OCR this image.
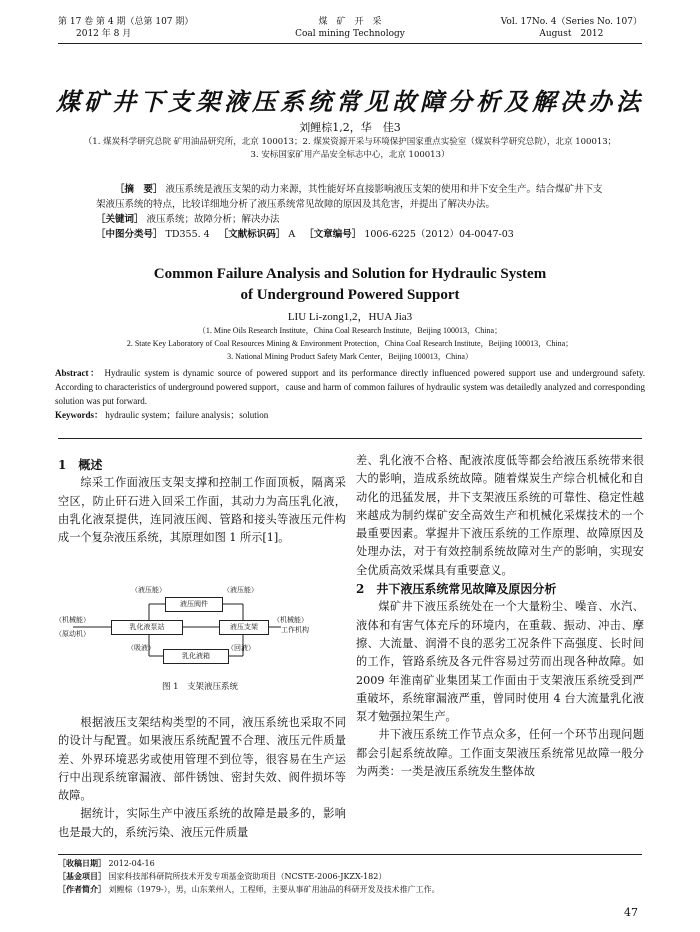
第 17 卷 第 4 期（总第 107 期）
2012 年 8 月
煤　矿　开　采
Coal mining Technology
Vol. 17No. 4（Series No. 107）
August　2012
煤矿井下支架液压系统常见故障分析及解决办法
刘鲤棕1,2，华　佳3
（1. 煤炭科学研究总院 矿用油品研究所，北京 100013；2. 煤炭资源开采与环境保护国家重点实验室（煤炭科学研究总院），北京 100013；
3. 安标国家矿用产品安全标志中心，北京 100013）
［摘　要］ 液压系统是液压支架的动力来源，其性能好坏直接影响液压支架的使用和井下安全生产。结合煤矿井下支架液压系统的特点，比较详细地分析了液压系统常见故障的原因及其危害，并提出了解决办法。
［关键词］ 液压系统；故障分析；解决办法
［中图分类号］ TD355. 4 ［文献标识码］ A ［文章编号］ 1006-6225（2012）04-0047-03
Common Failure Analysis and Solution for Hydraulic System
of Underground Powered Support
LIU Li-zong1,2，HUA Jia3
（1. Mine Oils Research Institute，China Coal Research Institute，Beijing 100013，China；
2. State Key Laboratory of Coal Resources Mining & Environment Protection，China Coal Research Institute，Beijing 100013，China；
3. National Mining Product Safety Mark Center，Beijing 100013，China）
Abstract： Hydraulic system is dynamic source of powered support and its performance directly influenced powered support use and underground safety. According to characteristics of underground powered support，cause and harm of common failures of hydraulic system was detailedly analyzed and corresponding solution was put forward.
Keywords： hydraulic system；failure analysis；solution

1　概述

综采工作面液压支架支撑和控制工作面顶板，隔离采空区，防止矸石进入回采工作面，其动力为高压乳化液，由乳化液泵提供，连同液压阀、管路和接头等液压元件构成一个复杂液压系统，其原理如图 1 所示[1]。

液压阀件
乳化液泵站	液压支架
乳化液箱
（液压能）	（液压能）
（机械能）
（原动机）
（机械能）
工作机构
（吸液）	（回液）
图 1　支架液压系统

根据液压支架结构类型的不同，液压系统也采取不同的设计与配置。如果液压系统配置不合理、液压元件质量差、外界环境恶劣或使用管理不到位等，很容易在生产运行中出现系统窜漏液、部件锈蚀、密封失效、阀件损坏等故障。

据统计，实际生产中液压系统的故障是最多的，影响也是最大的，系统污染、液压元件质量

差、乳化液不合格、配液浓度低等都会给液压系统带来很大的影响，造成系统故障。随着煤炭生产综合机械化和自动化的迅猛发展，井下支架液压系统的可靠性、稳定性越来越成为制约煤矿安全高效生产和机械化采煤技术的一个最重要因素。掌握井下液压系统的工作原理、故障原因及处理办法，对于有效控制系统故障对生产的影响，实现安全优质高效采煤具有重要意义。

2　井下液压系统常见故障及原因分析

煤矿井下液压系统处在一个大量粉尘、噪音、水汽、液体和有害气体充斥的环境内，在重载、振动、冲击、摩擦、大流量、润滑不良的恶劣工况条件下高强度、长时间的工作，管路系统及各元件容易过劳而出现各种故障。如 2009 年淮南矿业集团某工作面由于支架液压系统受到严重破坏，系统窜漏液严重，曾同时使用 4 台大流量乳化液泵才勉强拉架生产。

井下液压系统工作节点众多，任何一个环节出现问题都会引起系统故障。工作面支架液压系统常见故障一般分为两类：一类是液压系统发生整体故

［收稿日期］ 2012-04-16
［基金项目］ 国家科技部科研院所技术开发专项基金资助项目（NCSTE-2006-JKZX-182）
［作者简介］ 刘鲤棕（1979-），男，山东莱州人，工程师，主要从事矿用油品的科研开发及技术推广工作。
47
